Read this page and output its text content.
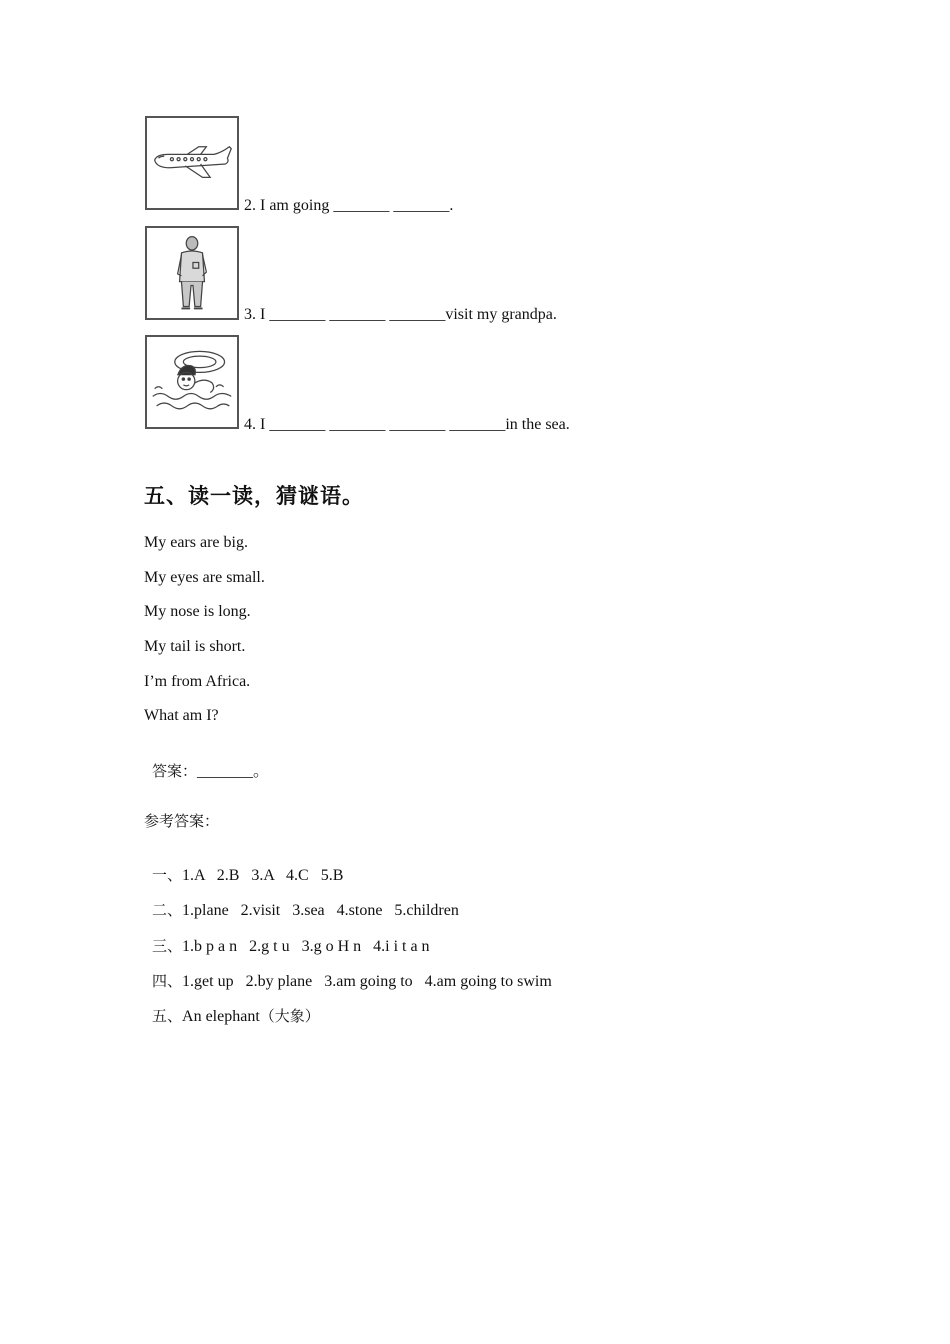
2. I am going _______ _______.
3. I _______ _______ _______visit my grandpa.
4. I _______ _______ _______ _______in the sea.
五、读一读，猜谜语。
My ears are big.
My eyes are small.
My nose is long.
My tail is short.
I’m from Africa.
What am I?

答案：_______。

参考答案：

一、1.A   2.B   3.A   4.C   5.B

二、1.plane   2.visit   3.sea   4.stone   5.children

三、1.b p a n   2.g t u   3.g o H n   4.i i t a n

四、1.get up   2.by plane   3.am going to   4.am going to swim

五、An elephant（大象）
